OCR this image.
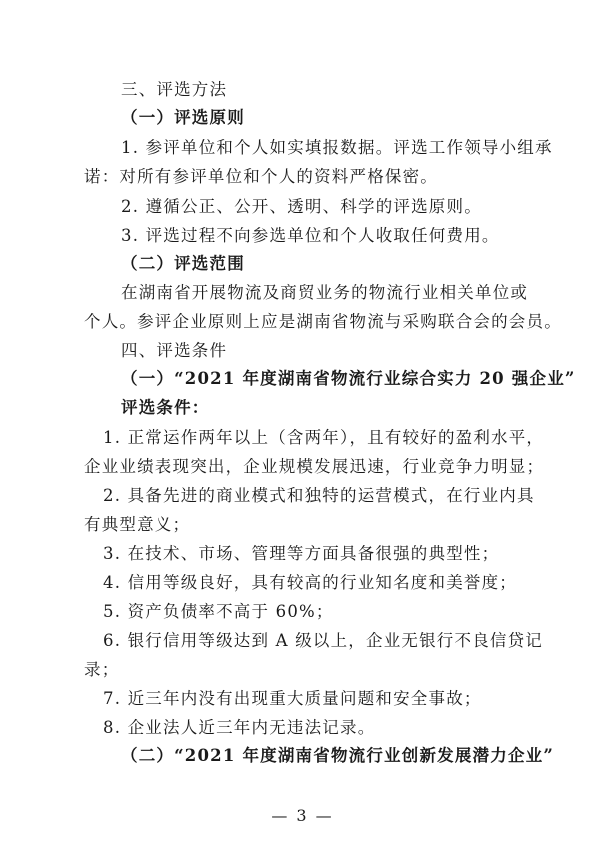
三、评选方法
（一）评选原则
1. 参评单位和个人如实填报数据。评选工作领导小组承
诺：对所有参评单位和个人的资料严格保密。
2. 遵循公正、公开、透明、科学的评选原则。
3. 评选过程不向参选单位和个人收取任何费用。
（二）评选范围
在湖南省开展物流及商贸业务的物流行业相关单位或
个人。参评企业原则上应是湖南省物流与采购联合会的会员。
四、评选条件
（一）“2021 年度湖南省物流行业综合实力 20 强企业”
评选条件：
1. 正常运作两年以上（含两年），且有较好的盈利水平，
企业业绩表现突出，企业规模发展迅速，行业竞争力明显；
2. 具备先进的商业模式和独特的运营模式，在行业内具
有典型意义；
3. 在技术、市场、管理等方面具备很强的典型性；
4. 信用等级良好，具有较高的行业知名度和美誉度；
5. 资产负债率不高于 60%；
6. 银行信用等级达到 A 级以上，企业无银行不良信贷记
录；
7. 近三年内没有出现重大质量问题和安全事故；
8. 企业法人近三年内无违法记录。
（二）“2021 年度湖南省物流行业创新发展潜力企业”
— 3 —
